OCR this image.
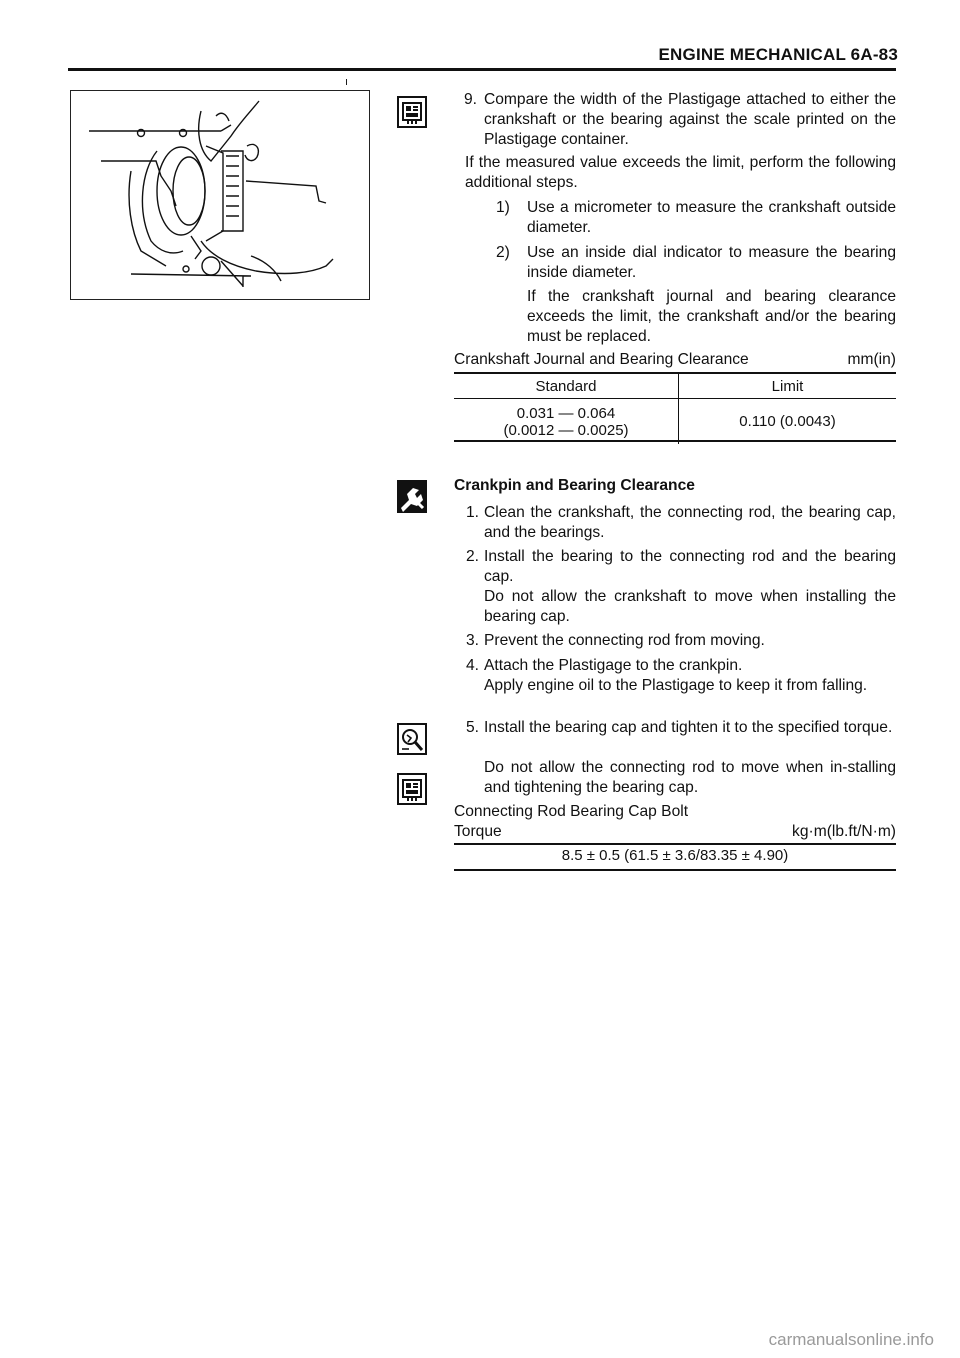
ENGINE MECHANICAL 6A-83
ı
9. Compare the width of the Plastigage attached to either the crankshaft or the bearing against the scale printed on the Plastigage container.
If the measured value exceeds the limit, perform the following additional steps.
1) Use a micrometer to measure the crankshaft outside diameter.
2) Use an inside dial indicator to measure the bearing inside diameter.
If the crankshaft journal and bearing clearance exceeds the limit, the crankshaft and/or the bearing must be replaced.
Crankshaft Journal and Bearing Clearance	mm(in)
Standard	Limit

0.031 — 0.064
(0.0012 — 0.0025)	0.110 (0.0043)
Crankpin and Bearing Clearance
1. Clean the crankshaft, the connecting rod, the bearing cap, and the bearings.
2. Install the bearing to the connecting rod and the bearing cap.
Do not allow the crankshaft to move when installing the bearing cap.
3. Prevent the connecting rod from moving.
4. Attach the Plastigage to the crankpin.
Apply engine oil to the Plastigage to keep it from falling.
5. Install the bearing cap and tighten it to the specified torque.
Do not allow the connecting rod to move when in-stalling and tightening the bearing cap.
Connecting Rod Bearing Cap Bolt
Torque	kg·m(lb.ft/N·m)
8.5 ± 0.5 (61.5 ± 3.6/83.35 ± 4.90)
carmanualsonline.info
